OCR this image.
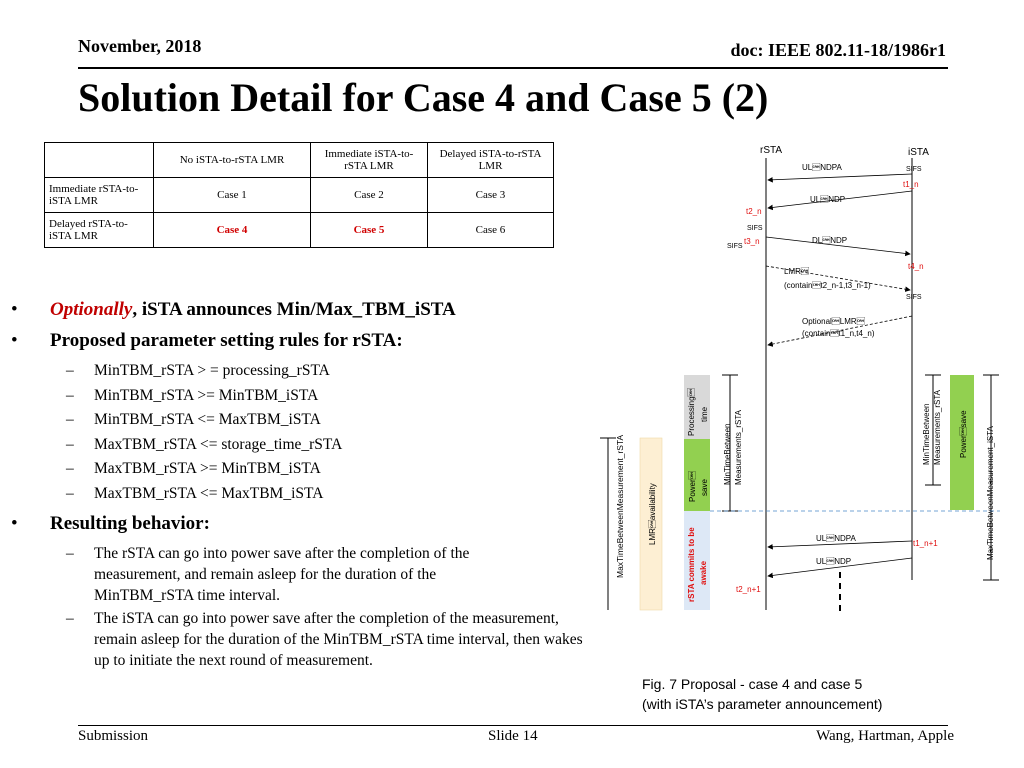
November, 2018	doc: IEEE 802.11-18/1986r1
Solution Detail for Case 4 and Case 5 (2)
	No iSTA-to-rSTA LMR	Immediate iSTA-to-rSTA LMR	Delayed iSTA-to-rSTA LMR
Immediate rSTA-to-iSTA LMR	Case 1	Case 2	Case 3
Delayed rSTA-to-iSTA LMR	Case 4	Case 5	Case 6
• Optionally, iSTA announces Min/Max_TBM_iSTA
• Proposed parameter setting rules for rSTA:
– MinTBM_rSTA > = processing_rSTA
– MinTBM_rSTA >= MinTBM_iSTA
– MinTBM_rSTA <= MaxTBM_iSTA
– MaxTBM_rSTA <= storage_time_rSTA
– MaxTBM_rSTA >= MinTBM_iSTA
– MaxTBM_rSTA <= MaxTBM_iSTA
• Resulting behavior:
– The rSTA can go into power save after the completion of the measurement, and remain asleep for the duration of the MinTBM_rSTA time interval.
– The iSTA can go into power save after the completion of the measurement, remain asleep for the duration of the MinTBM_rSTA time interval, then wakes up to initiate the next round of measurement.
rSTA	iSTA
ULNDPA	SIFS
t1_n
ULNDP
t2_n
SIFS
t3_n
SIFS
DLNDP
t4_n
LMR
(containt2_n-1,t3_n-1)
SIFS
OptionalLMR
(containt1_n,t4_n)
MaxTimeBetweenMeasurement_rSTA	LMRavailability
Processing time
Power save
rSTA commits to be awake
MinTimeBetween Measurements_rSTA	MinTimeBetween Measurements_rSTA Powersave MaxTimeBetweenMeasurement_iSTA
ULNDPA
t1_n+1
ULNDP
t2_n+1
Fig. 7 Proposal - case 4 and case 5
(with iSTA’s parameter announcement)
Submission	Slide 14	Wang, Hartman, Apple
